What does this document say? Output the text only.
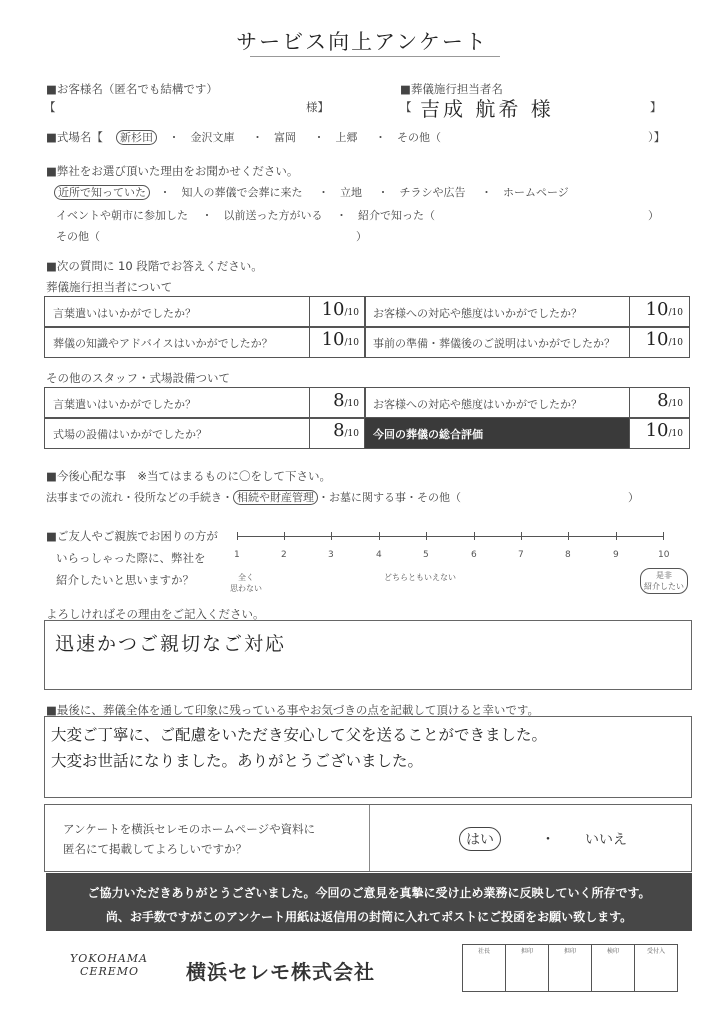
サービス向上アンケート
■お客様名（匿名でも結構です）
【	様】
■葬儀施行担当者名
【 吉成 航希 様	】
■式場名【	新杉田 ・　金沢文庫 ・　富岡 ・　上郷 ・　その他（	）】
■弊社をお選び頂いた理由をお聞かせください。
近所で知っていた ・　知人の葬儀で会葬に来た ・　立地 ・　チラシや広告 ・　ホームページ
イベントや朝市に参加した ・　以前送った方がいる ・　紹介で知った（	）
その他（	）
■次の質問に 10 段階でお答えください。
葬儀施行担当者について
言葉遣いはいかがでしたか？	10/10 お客様への対応や態度はいかがでしたか？	10/10
葬儀の知識やアドバイスはいかがでしたか？	10/10 事前の準備・葬儀後のご説明はいかがでしたか？ 10/10
その他のスタッフ・式場設備ついて
言葉遣いはいかがでしたか？	8/10 お客様への対応や態度はいかがでしたか？	8/10
式場の設備はいかがでしたか？	8/10 今回の葬儀の総合評価	10/10
■今後心配な事　※当てはまるものに〇をして下さい。
法事までの流れ・役所などの手続き・ 相続や財産管理 ・お墓に関する事・その他（	）
■ご友人やご親族でお困りの方が
いらっしゃった際に、弊社を
紹介したいと思いますか？
1	2	3	4	5	6	7	8	9	10
全く
思わない
どちらともいえない	是非
紹介したい
よろしければその理由をご記入ください。
迅速かつご親切なご対応
■最後に、葬儀全体を通して印象に残っている事やお気づきの点を記載して頂けると幸いです。
大変ご丁寧に、ご配慮をいただき安心して父を送ることができました。
大変お世話になりました。ありがとうございました。
アンケートを横浜セレモのホームページや資料に
匿名にて掲載してよろしいですか？
はい	・ いいえ
ご協力いただきありがとうございました。今回のご意見を真摯に受け止め業務に反映していく所存です。
尚、お手数ですがこのアンケート用紙は返信用の封筒に入れてポストにご投函をお願い致します。
YOKOHAMA
CEREMO	横浜セレモ株式会社
社長	担印	担印	検印	受付入
